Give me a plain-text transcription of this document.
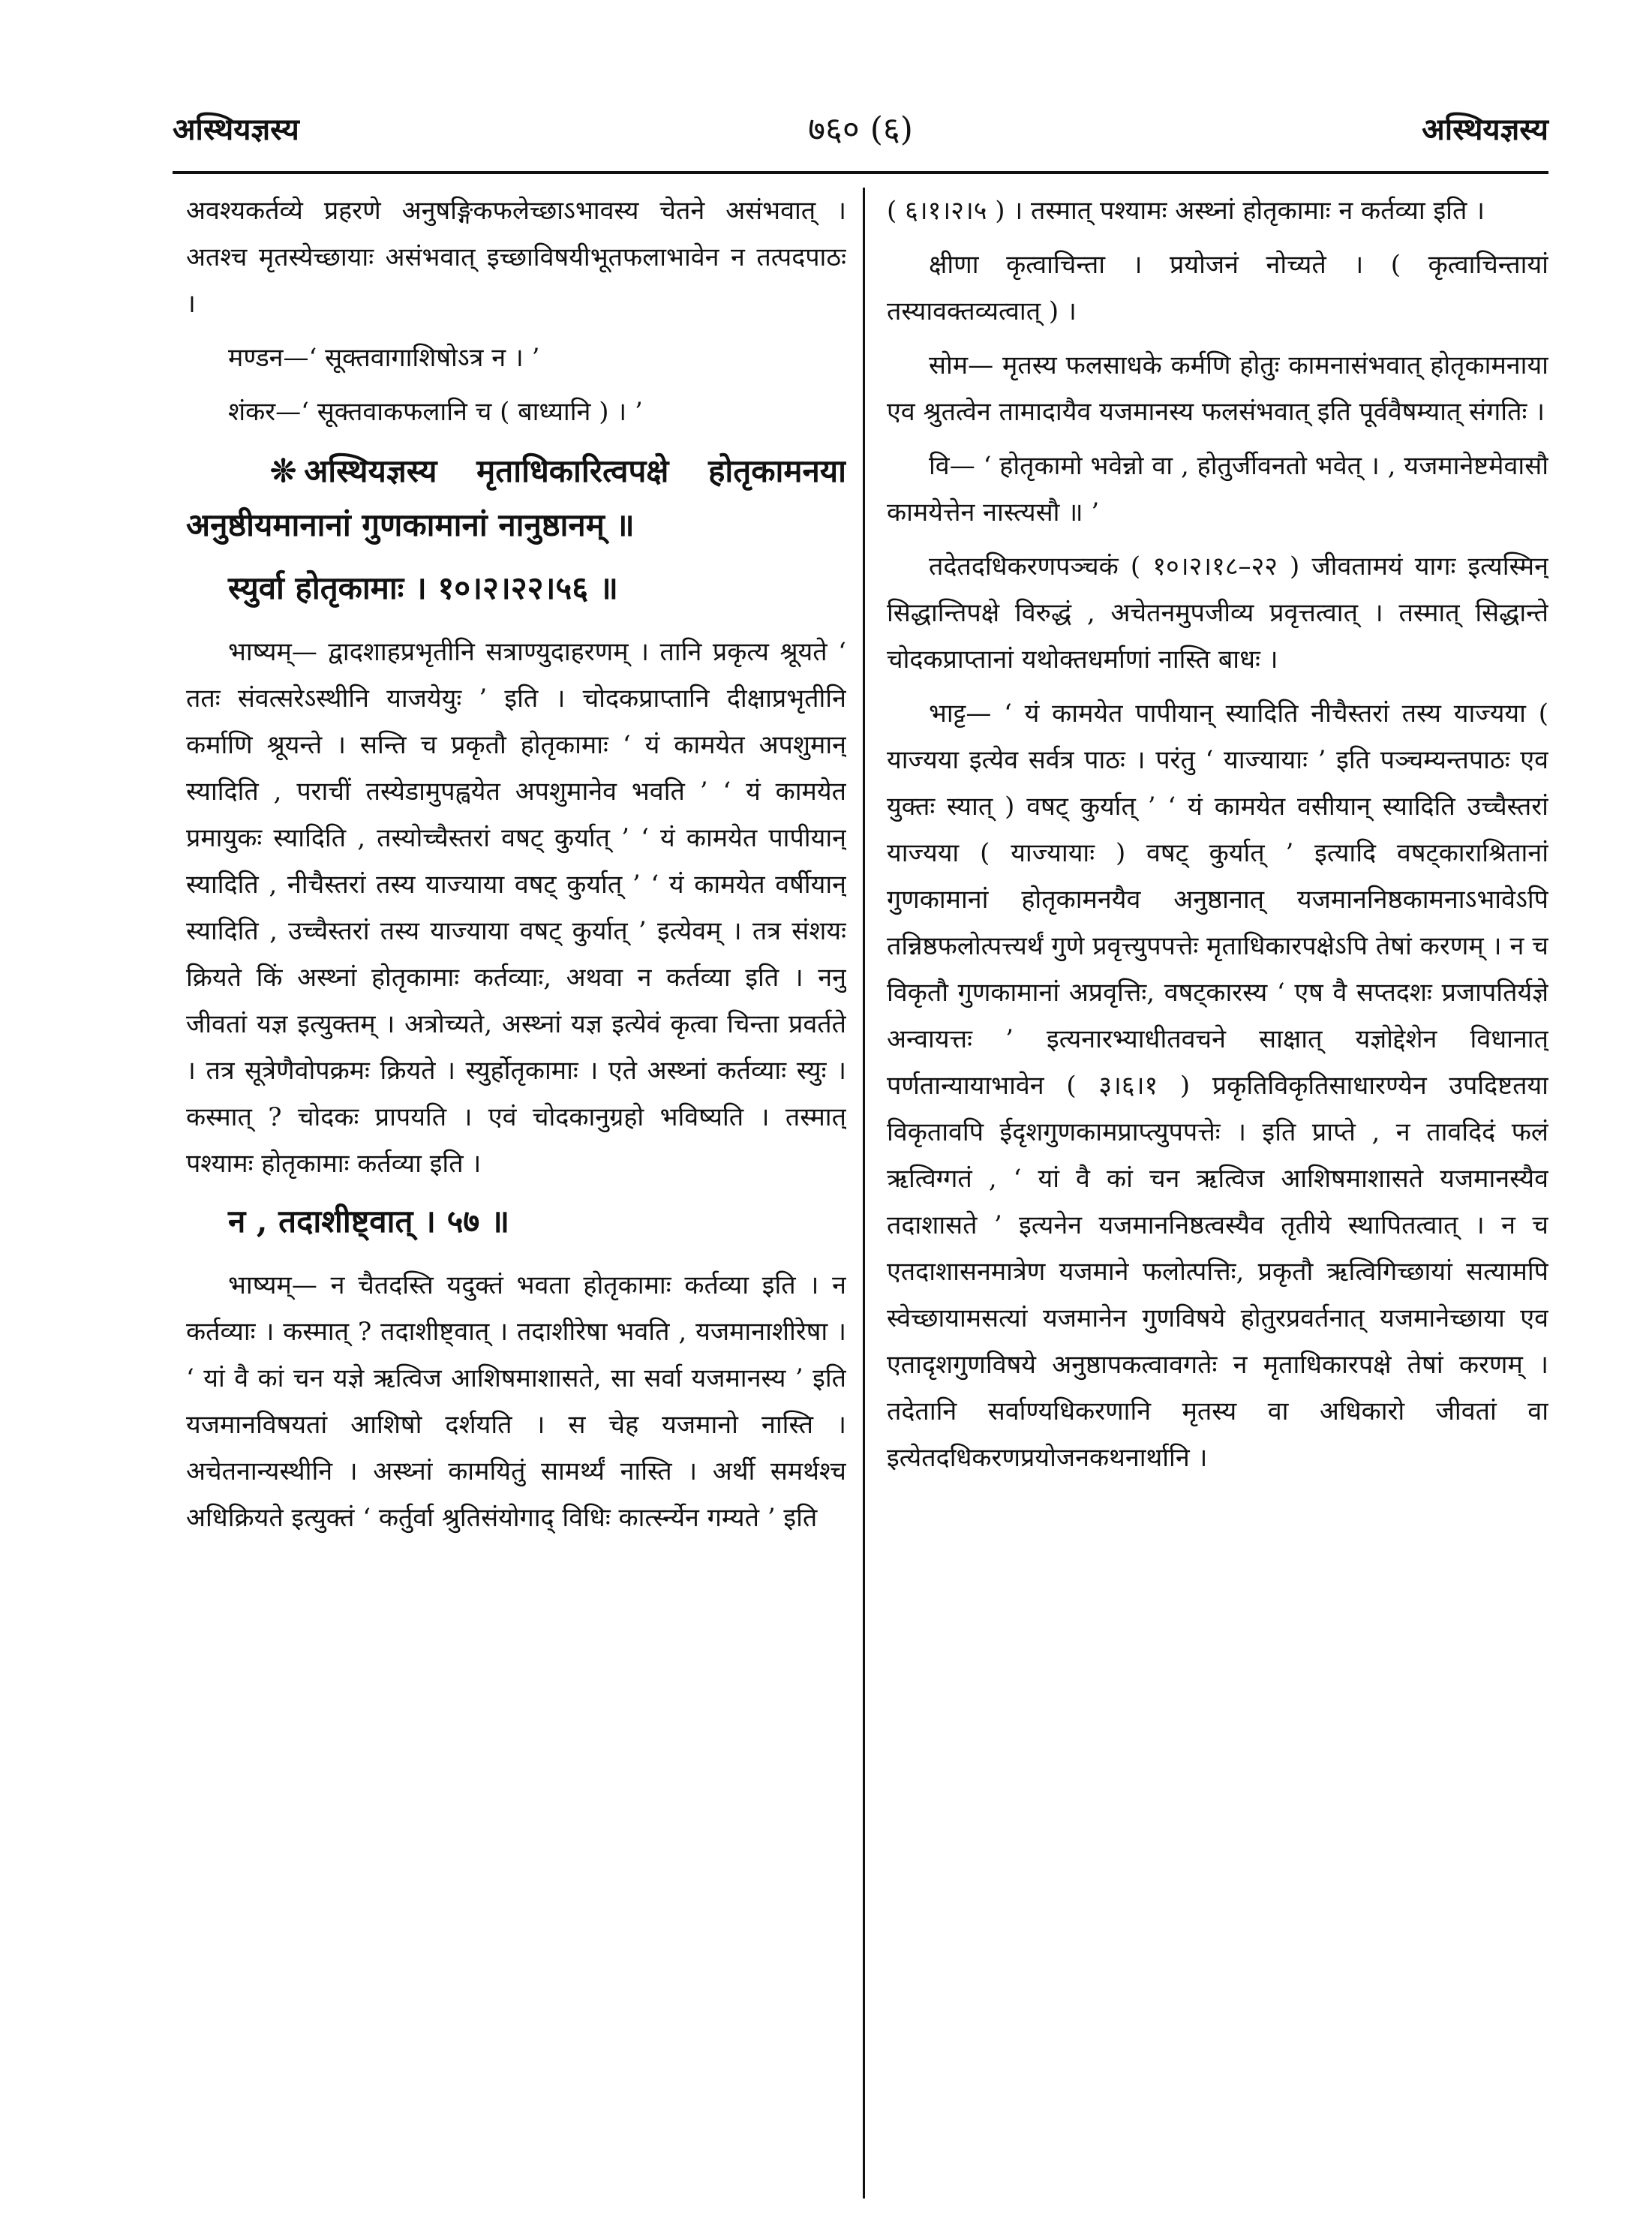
अस्थियज्ञस्य	७६० (६)	अस्थियज्ञस्य

अवश्यकर्तव्ये प्रहरणे अनुषङ्गिकफलेच्छाऽभावस्य चेतने असंभवात् । अतश्च मृतस्येच्छायाः असंभवात् इच्छाविषयीभूतफलाभावेन न तत्पदपाठः ।

मण्डन—‘ सूक्तवागाशिषोऽत्र न । ’

शंकर—‘ सूक्तवाकफलानि च ( बाध्यानि ) । ’

❊ अस्थियज्ञस्य मृताधिकारित्वपक्षे होतृकामनया अनुष्ठीयमानानां गुणकामानां नानुष्ठानम् ॥

स्युर्वा होतृकामाः । १०।२।२२।५६ ॥

भाष्यम्— द्वादशाहप्रभृतीनि सत्राण्युदाहरणम् । तानि प्रकृत्य श्रूयते ‘ ततः संवत्सरेऽस्थीनि याजयेयुः ’ इति । चोदकप्राप्तानि दीक्षाप्रभृतीनि कर्माणि श्रूयन्ते । सन्ति च प्रकृतौ होतृकामाः ‘ यं कामयेत अपशुमान् स्यादिति , पराचीं तस्येडामुपह्वयेत अपशुमानेव भवति ’ ‘ यं कामयेत प्रमायुकः स्यादिति , तस्योच्चैस्तरां वषट् कुर्यात् ’ ‘ यं कामयेत पापीयान् स्यादिति , नीचैस्तरां तस्य याज्याया वषट् कुर्यात् ’ ‘ यं कामयेत वर्षीयान् स्यादिति , उच्चैस्तरां तस्य याज्याया वषट् कुर्यात् ’ इत्येवम् । तत्र संशयः क्रियते किं अस्थ्नां होतृकामाः कर्तव्याः, अथवा न कर्तव्या इति । ननु जीवतां यज्ञ इत्युक्तम् । अत्रोच्यते, अस्थ्नां यज्ञ इत्येवं कृत्वा चिन्ता प्रवर्तते । तत्र सूत्रेणैवोपक्रमः क्रियते । स्युर्होतृकामाः । एते अस्थ्नां कर्तव्याः स्युः । कस्मात् ? चोदकः प्रापयति । एवं चोदकानुग्रहो भविष्यति । तस्मात् पश्यामः होतृकामाः कर्तव्या इति ।

न , तदाशीष्ट्वात् । ५७ ॥

भाष्यम्— न चैतदस्ति यदुक्तं भवता होतृकामाः कर्तव्या इति । न कर्तव्याः । कस्मात् ? तदाशीष्ट्वात् । तदाशीरेषा भवति , यजमानाशीरेषा । ‘ यां वै कां चन यज्ञे ऋत्विज आशिषमाशासते, सा सर्वा यजमानस्य ’ इति यजमानविषयतां आशिषो दर्शयति । स चेह यजमानो नास्ति । अचेतनान्यस्थीनि । अस्थ्नां कामयितुं सामर्थ्यं नास्ति । अर्थी समर्थश्च अधिक्रियते इत्युक्तं ‘ कर्तुर्वा श्रुतिसंयोगाद् विधिः कार्त्स्न्येन गम्यते ’ इति

( ६।१।२।५ ) । तस्मात् पश्यामः अस्थ्नां होतृकामाः न कर्तव्या इति ।

क्षीणा कृत्वाचिन्ता । प्रयोजनं नोच्यते । ( कृत्वाचिन्तायां तस्यावक्तव्यत्वात् ) ।

सोम— मृतस्य फलसाधके कर्मणि होतुः कामनासंभवात् होतृकामनाया एव श्रुतत्वेन तामादायैव यजमानस्य फलसंभवात् इति पूर्ववैषम्यात् संगतिः ।

वि— ‘ होतृकामो भवेन्नो वा , होतुर्जीवनतो भवेत् । , यजमानेष्टमेवासौ कामयेत्तेन नास्त्यसौ ॥ ’

तदेतदधिकरणपञ्चकं ( १०।२।१८–२२ ) जीवतामयं यागः इत्यस्मिन् सिद्धान्तिपक्षे विरुद्धं , अचेतनमुपजीव्य प्रवृत्तत्वात् । तस्मात् सिद्धान्ते चोदकप्राप्तानां यथोक्तधर्माणां नास्ति बाधः ।

भाट्ट— ‘ यं कामयेत पापीयान् स्यादिति नीचैस्तरां तस्य याज्यया ( याज्यया इत्येव सर्वत्र पाठः । परंतु ‘ याज्यायाः ’ इति पञ्चम्यन्तपाठः एव युक्तः स्यात् ) वषट् कुर्यात् ’ ‘ यं कामयेत वसीयान् स्यादिति उच्चैस्तरां याज्यया ( याज्यायाः ) वषट् कुर्यात् ’ इत्यादि वषट्काराश्रितानां गुणकामानां होतृकामनयैव अनुष्ठानात् यजमाननिष्ठकामनाऽभावेऽपि तन्निष्ठफलोत्पत्त्यर्थं गुणे प्रवृत्त्युपपत्तेः मृताधिकारपक्षेऽपि तेषां करणम् । न च विकृतौ गुणकामानां अप्रवृत्तिः, वषट्कारस्य ‘ एष वै सप्तदशः प्रजापतिर्यज्ञे अन्वायत्तः ’ इत्यनारभ्याधीतवचने साक्षात् यज्ञोद्देशेन विधानात् पर्णतान्यायाभावेन ( ३।६।१ ) प्रकृतिविकृतिसाधारण्येन उपदिष्टतया विकृतावपि ईदृशगुणकामप्राप्त्युपपत्तेः । इति प्राप्ते , न तावदिदं फलं ऋत्विग्गतं , ‘ यां वै कां चन ऋत्विज आशिषमाशासते यजमानस्यैव तदाशासते ’ इत्यनेन यजमाननिष्ठत्वस्यैव तृतीये स्थापितत्वात् । न च एतदाशासनमात्रेण यजमाने फलोत्पत्तिः, प्रकृतौ ऋत्विगिच्छायां सत्यामपि स्वेच्छायामसत्यां यजमानेन गुणविषये होतुरप्रवर्तनात् यजमानेच्छाया एव एतादृशगुणविषये अनुष्ठापकत्वावगतेः न मृताधिकारपक्षे तेषां करणम् । तदेतानि सर्वाण्यधिकरणानि मृतस्य वा अधिकारो जीवतां वा इत्येतदधिकरणप्रयोजनकथनार्थानि ।
